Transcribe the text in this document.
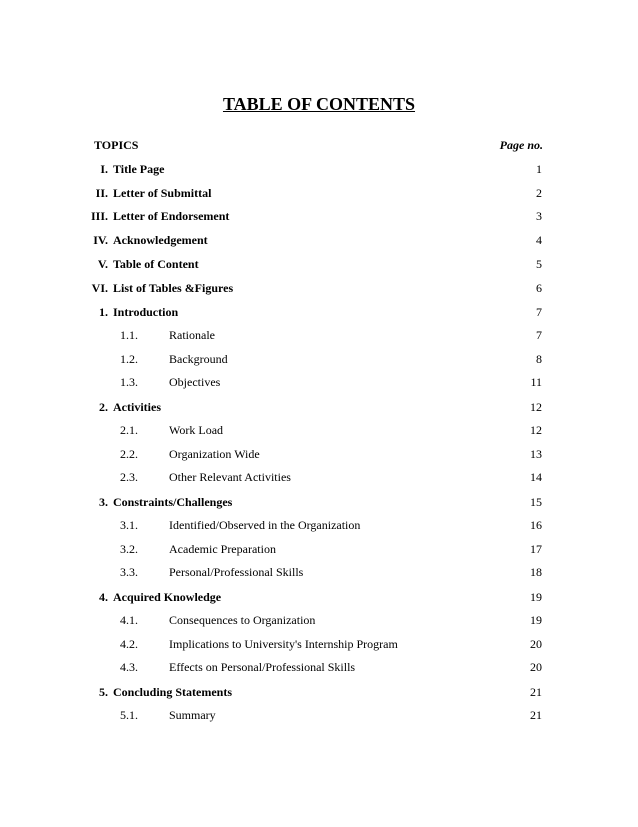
TABLE OF CONTENTS
TOPICS	Page no.
I. Title Page	1
II. Letter of Submittal	2
III. Letter of Endorsement	3
IV. Acknowledgement	4
V. Table of Content	5
VI. List of Tables &Figures	6
1. Introduction	7
1.1.	Rationale	7
1.2.	Background	8
1.3.	Objectives	11
2. Activities	12
2.1.	Work Load	12
2.2.	Organization Wide	13
2.3.	Other Relevant Activities	14
3. Constraints/Challenges	15
3.1.	Identified/Observed in the Organization	16
3.2.	Academic Preparation	17
3.3.	Personal/Professional Skills	18
4. Acquired Knowledge	19
4.1.	Consequences to Organization	19
4.2.	Implications to University's Internship Program	20
4.3.	Effects on Personal/Professional Skills	20
5. Concluding Statements	21
5.1.	Summary	21
